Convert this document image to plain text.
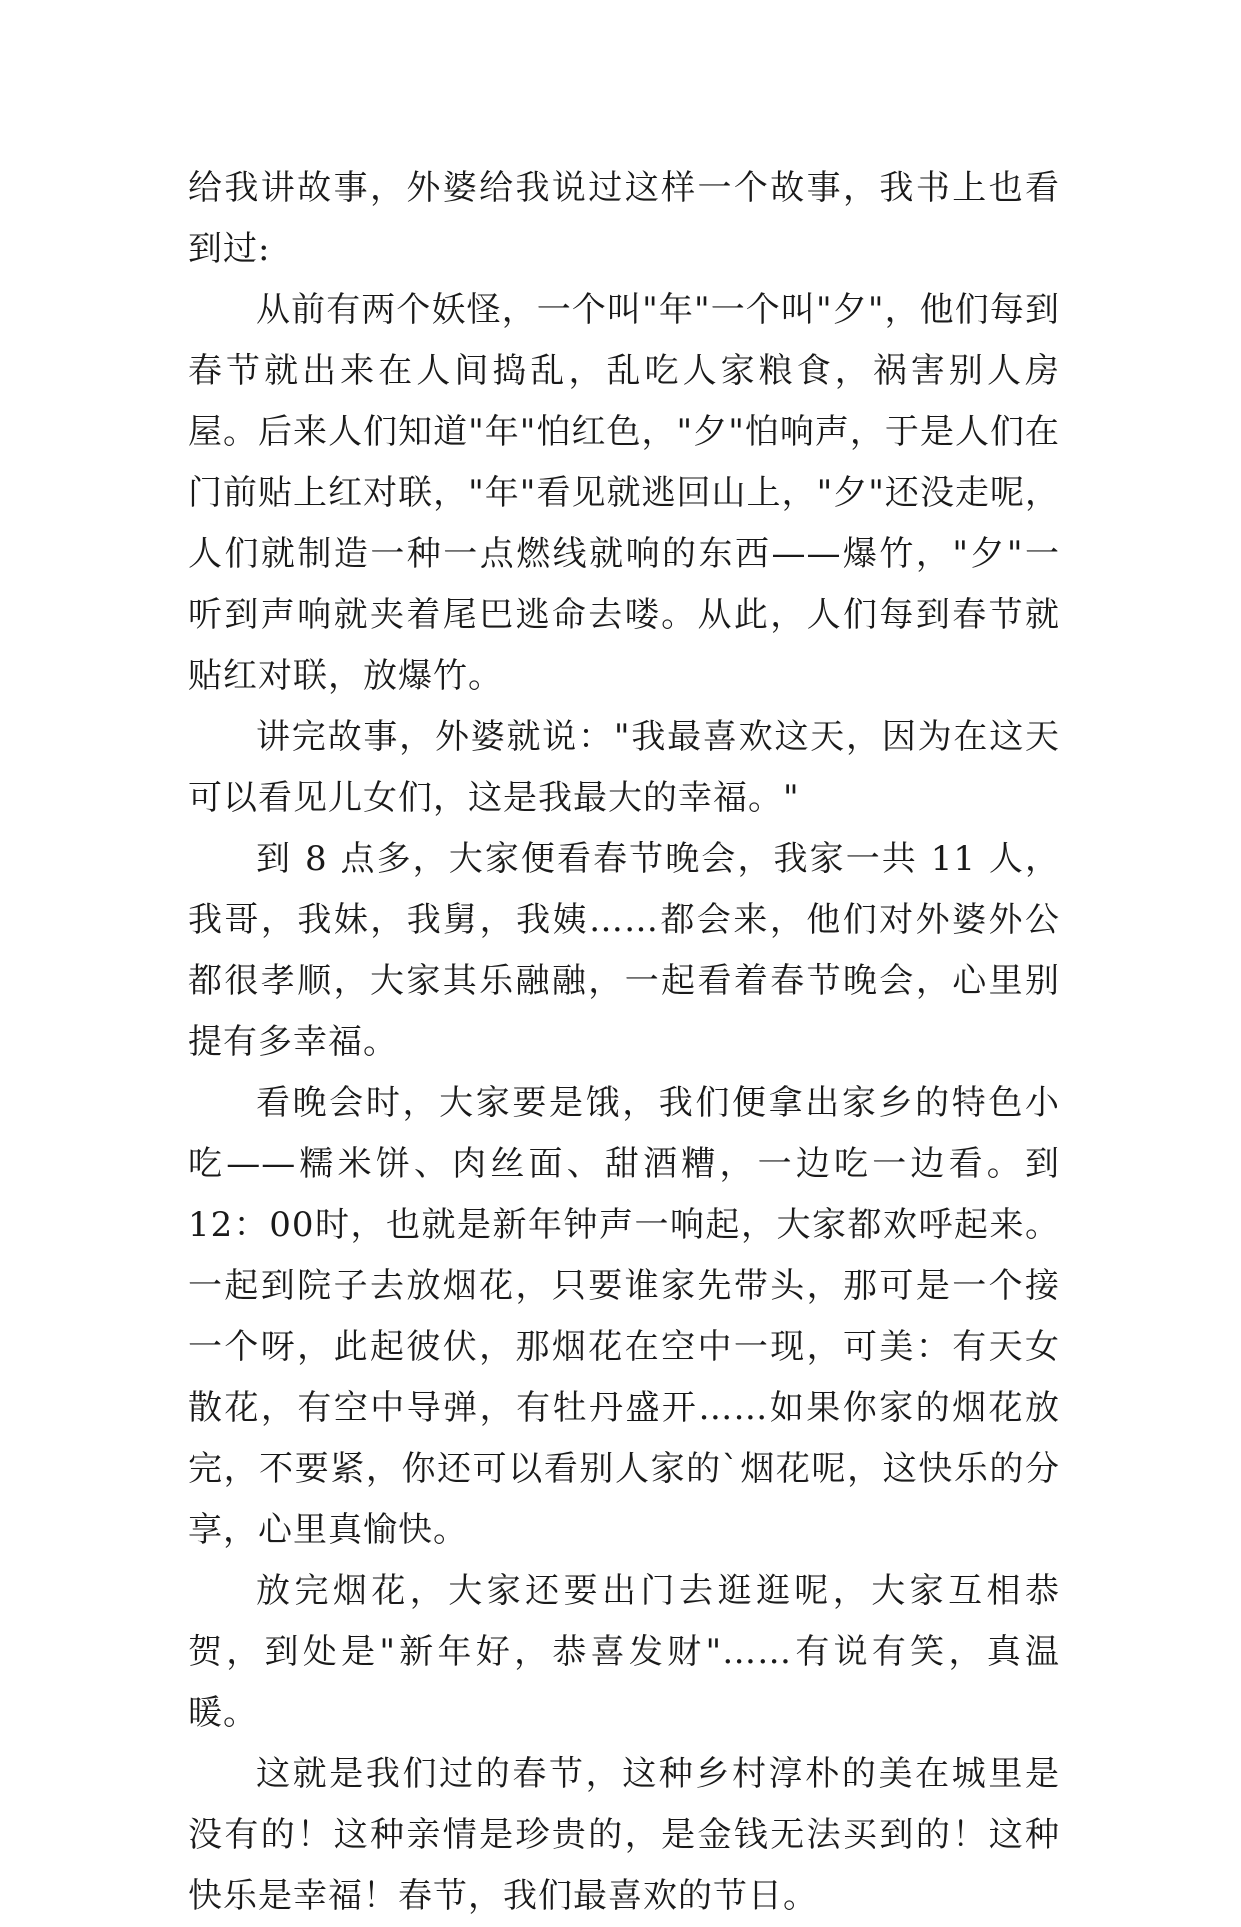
给我讲故事，外婆给我说过这样一个故事，我书上也看到过:

从前有两个妖怪，一个叫"年"一个叫"夕"，他们每到春节就出来在人间捣乱，乱吃人家粮食，祸害别人房屋。后来人们知道"年"怕红色，"夕"怕响声，于是人们在门前贴上红对联，"年"看见就逃回山上，"夕"还没走呢，人们就制造一种一点燃线就响的东西——爆竹，"夕"一听到声响就夹着尾巴逃命去喽。从此，人们每到春节就贴红对联，放爆竹。

讲完故事，外婆就说："我最喜欢这天，因为在这天可以看见儿女们，这是我最大的幸福。"

到 8 点多，大家便看春节晚会，我家一共 11 人，我哥，我妹，我舅，我姨……都会来，他们对外婆外公都很孝顺，大家其乐融融，一起看着春节晚会，心里别提有多幸福。

看晚会时，大家要是饿，我们便拿出家乡的特色小吃——糯米饼、肉丝面、甜酒糟，一边吃一边看。到 12：00时，也就是新年钟声一响起，大家都欢呼起来。一起到院子去放烟花，只要谁家先带头，那可是一个接一个呀，此起彼伏，那烟花在空中一现，可美：有天女散花，有空中导弹，有牡丹盛开……如果你家的烟花放完，不要紧，你还可以看别人家的`烟花呢，这快乐的分享，心里真愉快。

放完烟花，大家还要出门去逛逛呢，大家互相恭贺，到处是"新年好，恭喜发财"……有说有笑，真温暖。

这就是我们过的春节，这种乡村淳朴的美在城里是没有的！这种亲情是珍贵的，是金钱无法买到的！这种快乐是幸福！春节，我们最喜欢的节日。
